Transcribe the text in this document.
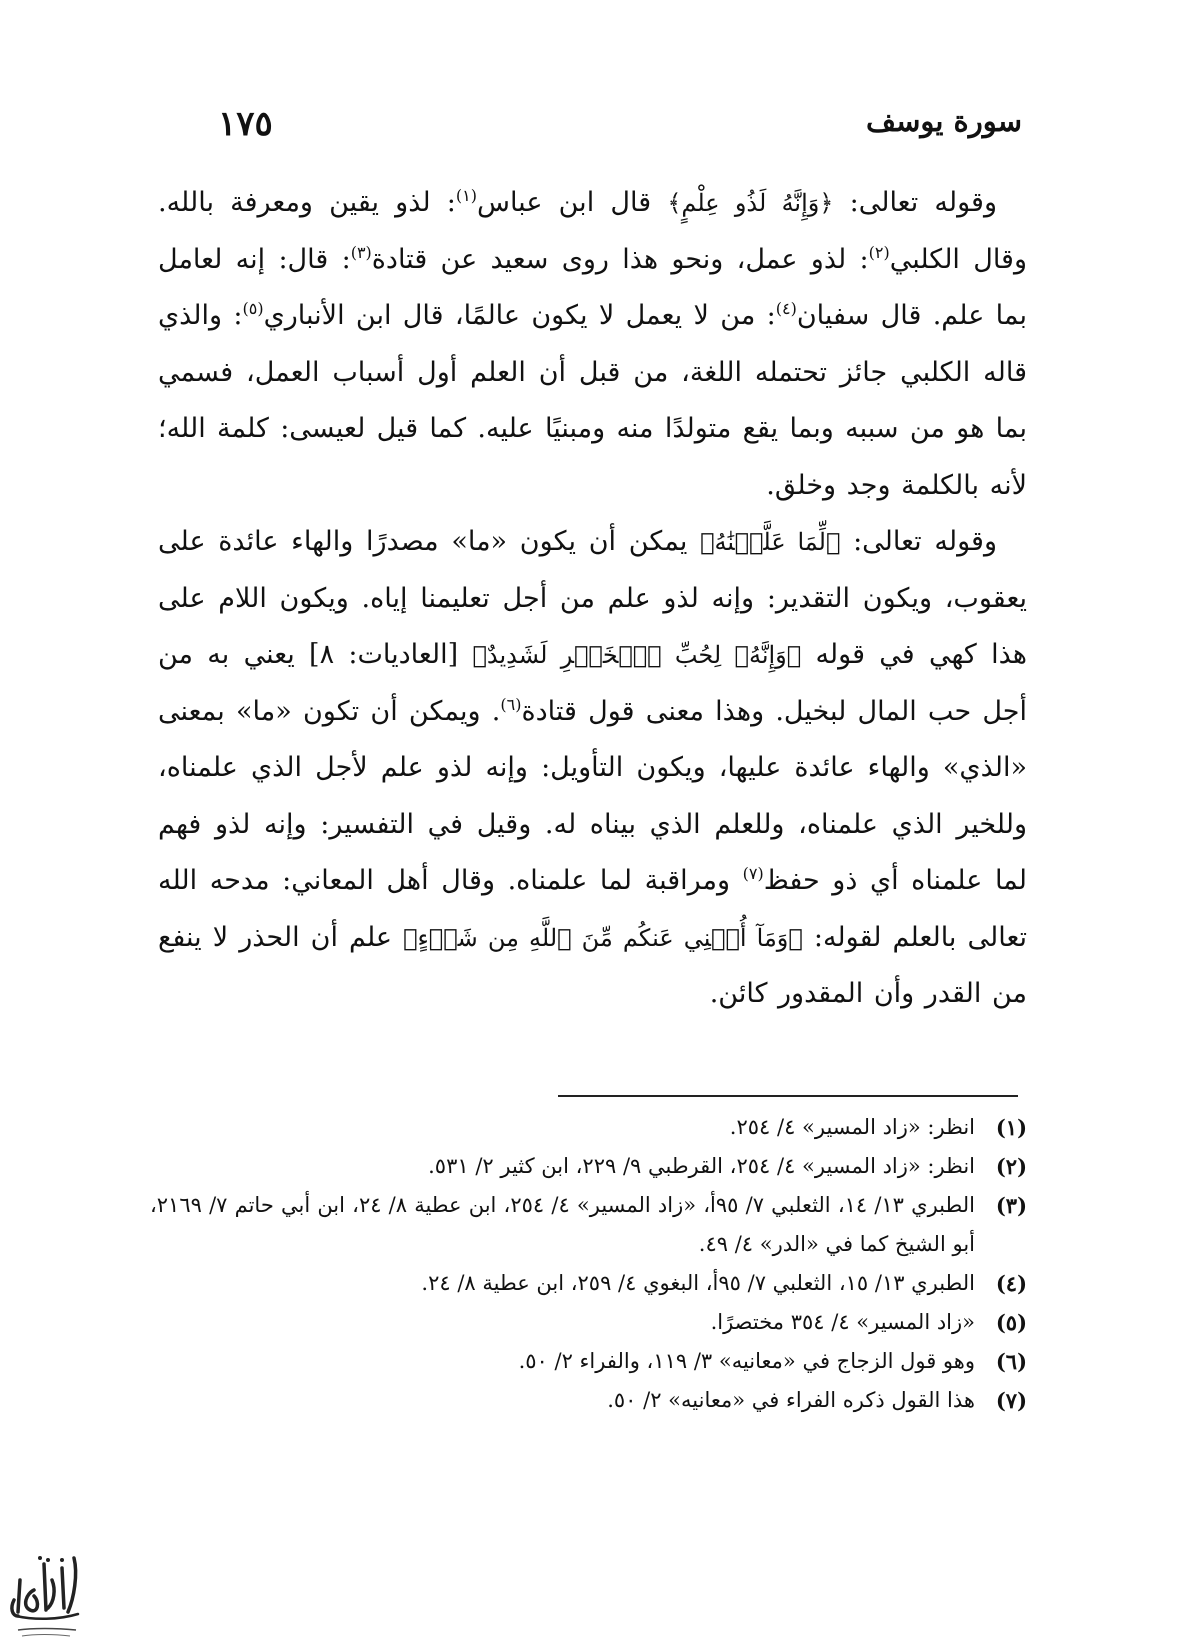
سورة يوسف
١٧٥

وقوله تعالى: ﴿وَإِنَّهُ لَذُو عِلْمٍ﴾ قال ابن عباس$^{(١)}$: لذو يقين ومعرفة بالله. وقال الكلبي$^{(٢)}$: لذو عمل، ونحو هذا روى سعيد عن قتادة$^{(٣)}$: قال: إنه لعامل بما علم. قال سفيان$^{(٤)}$: من لا يعمل لا يكون عالمًا، قال ابن الأنباري$^{(٥)}$: والذي قاله الكلبي جائز تحتمله اللغة، من قبل أن العلم أول أسباب العمل، فسمي بما هو من سببه وبما يقع متولدًا منه ومبنيًا عليه. كما قيل لعيسى: كلمة الله؛ لأنه بالكلمة وجد وخلق.

وقوله تعالى: ﴿لِّمَا عَلَّمۡنَٰهُ﴾ يمكن أن يكون «ما» مصدرًا والهاء عائدة على يعقوب، ويكون التقدير: وإنه لذو علم من أجل تعليمنا إياه. ويكون اللام على هذا كهي في قوله ﴿وَإِنَّهُۥ لِحُبِّ ٱلۡخَيۡرِ لَشَدِيدٌ﴾ [العاديات: ٨] يعني به من أجل حب المال لبخيل. وهذا معنى قول قتادة$^{(٦)}$. ويمكن أن تكون «ما» بمعنى «الذي» والهاء عائدة عليها، ويكون التأويل: وإنه لذو علم لأجل الذي علمناه، وللخير الذي علمناه، وللعلم الذي بيناه له. وقيل في التفسير: وإنه لذو فهم لما علمناه أي ذو حفظ$^{(٧)}$ ومراقبة لما علمناه. وقال أهل المعاني: مدحه الله تعالى بالعلم لقوله: ﴿وَمَآ أُغۡنِي عَنكُم مِّنَ ٱللَّهِ مِن شَيۡءٍ﴾ علم أن الحذر لا ينفع من القدر وأن المقدور كائن.

(١)
انظر: «زاد المسير» ٤/ ٢٥٤.

(٢)
انظر: «زاد المسير» ٤/ ٢٥٤، القرطبي ٩/ ٢٢٩، ابن كثير ٢/ ٥٣١.

(٣)
الطبري ١٣/ ١٤، الثعلبي ٧/ ٩٥أ، «زاد المسير» ٤/ ٢٥٤، ابن عطية ٨/ ٢٤، ابن أبي حاتم ٧/ ٢١٦٩، أبو الشيخ كما في «الدر» ٤/ ٤٩.

(٤)
الطبري ١٣/ ١٥، الثعلبي ٧/ ٩٥أ، البغوي ٤/ ٢٥٩، ابن عطية ٨/ ٢٤.

(٥)
«زاد المسير» ٤/ ٣٥٤ مختصرًا.

(٦)
وهو قول الزجاج في «معانيه» ٣/ ١١٩، والفراء ٢/ ٥٠.

(٧)
هذا القول ذكره الفراء في «معانيه» ٢/ ٥٠.
